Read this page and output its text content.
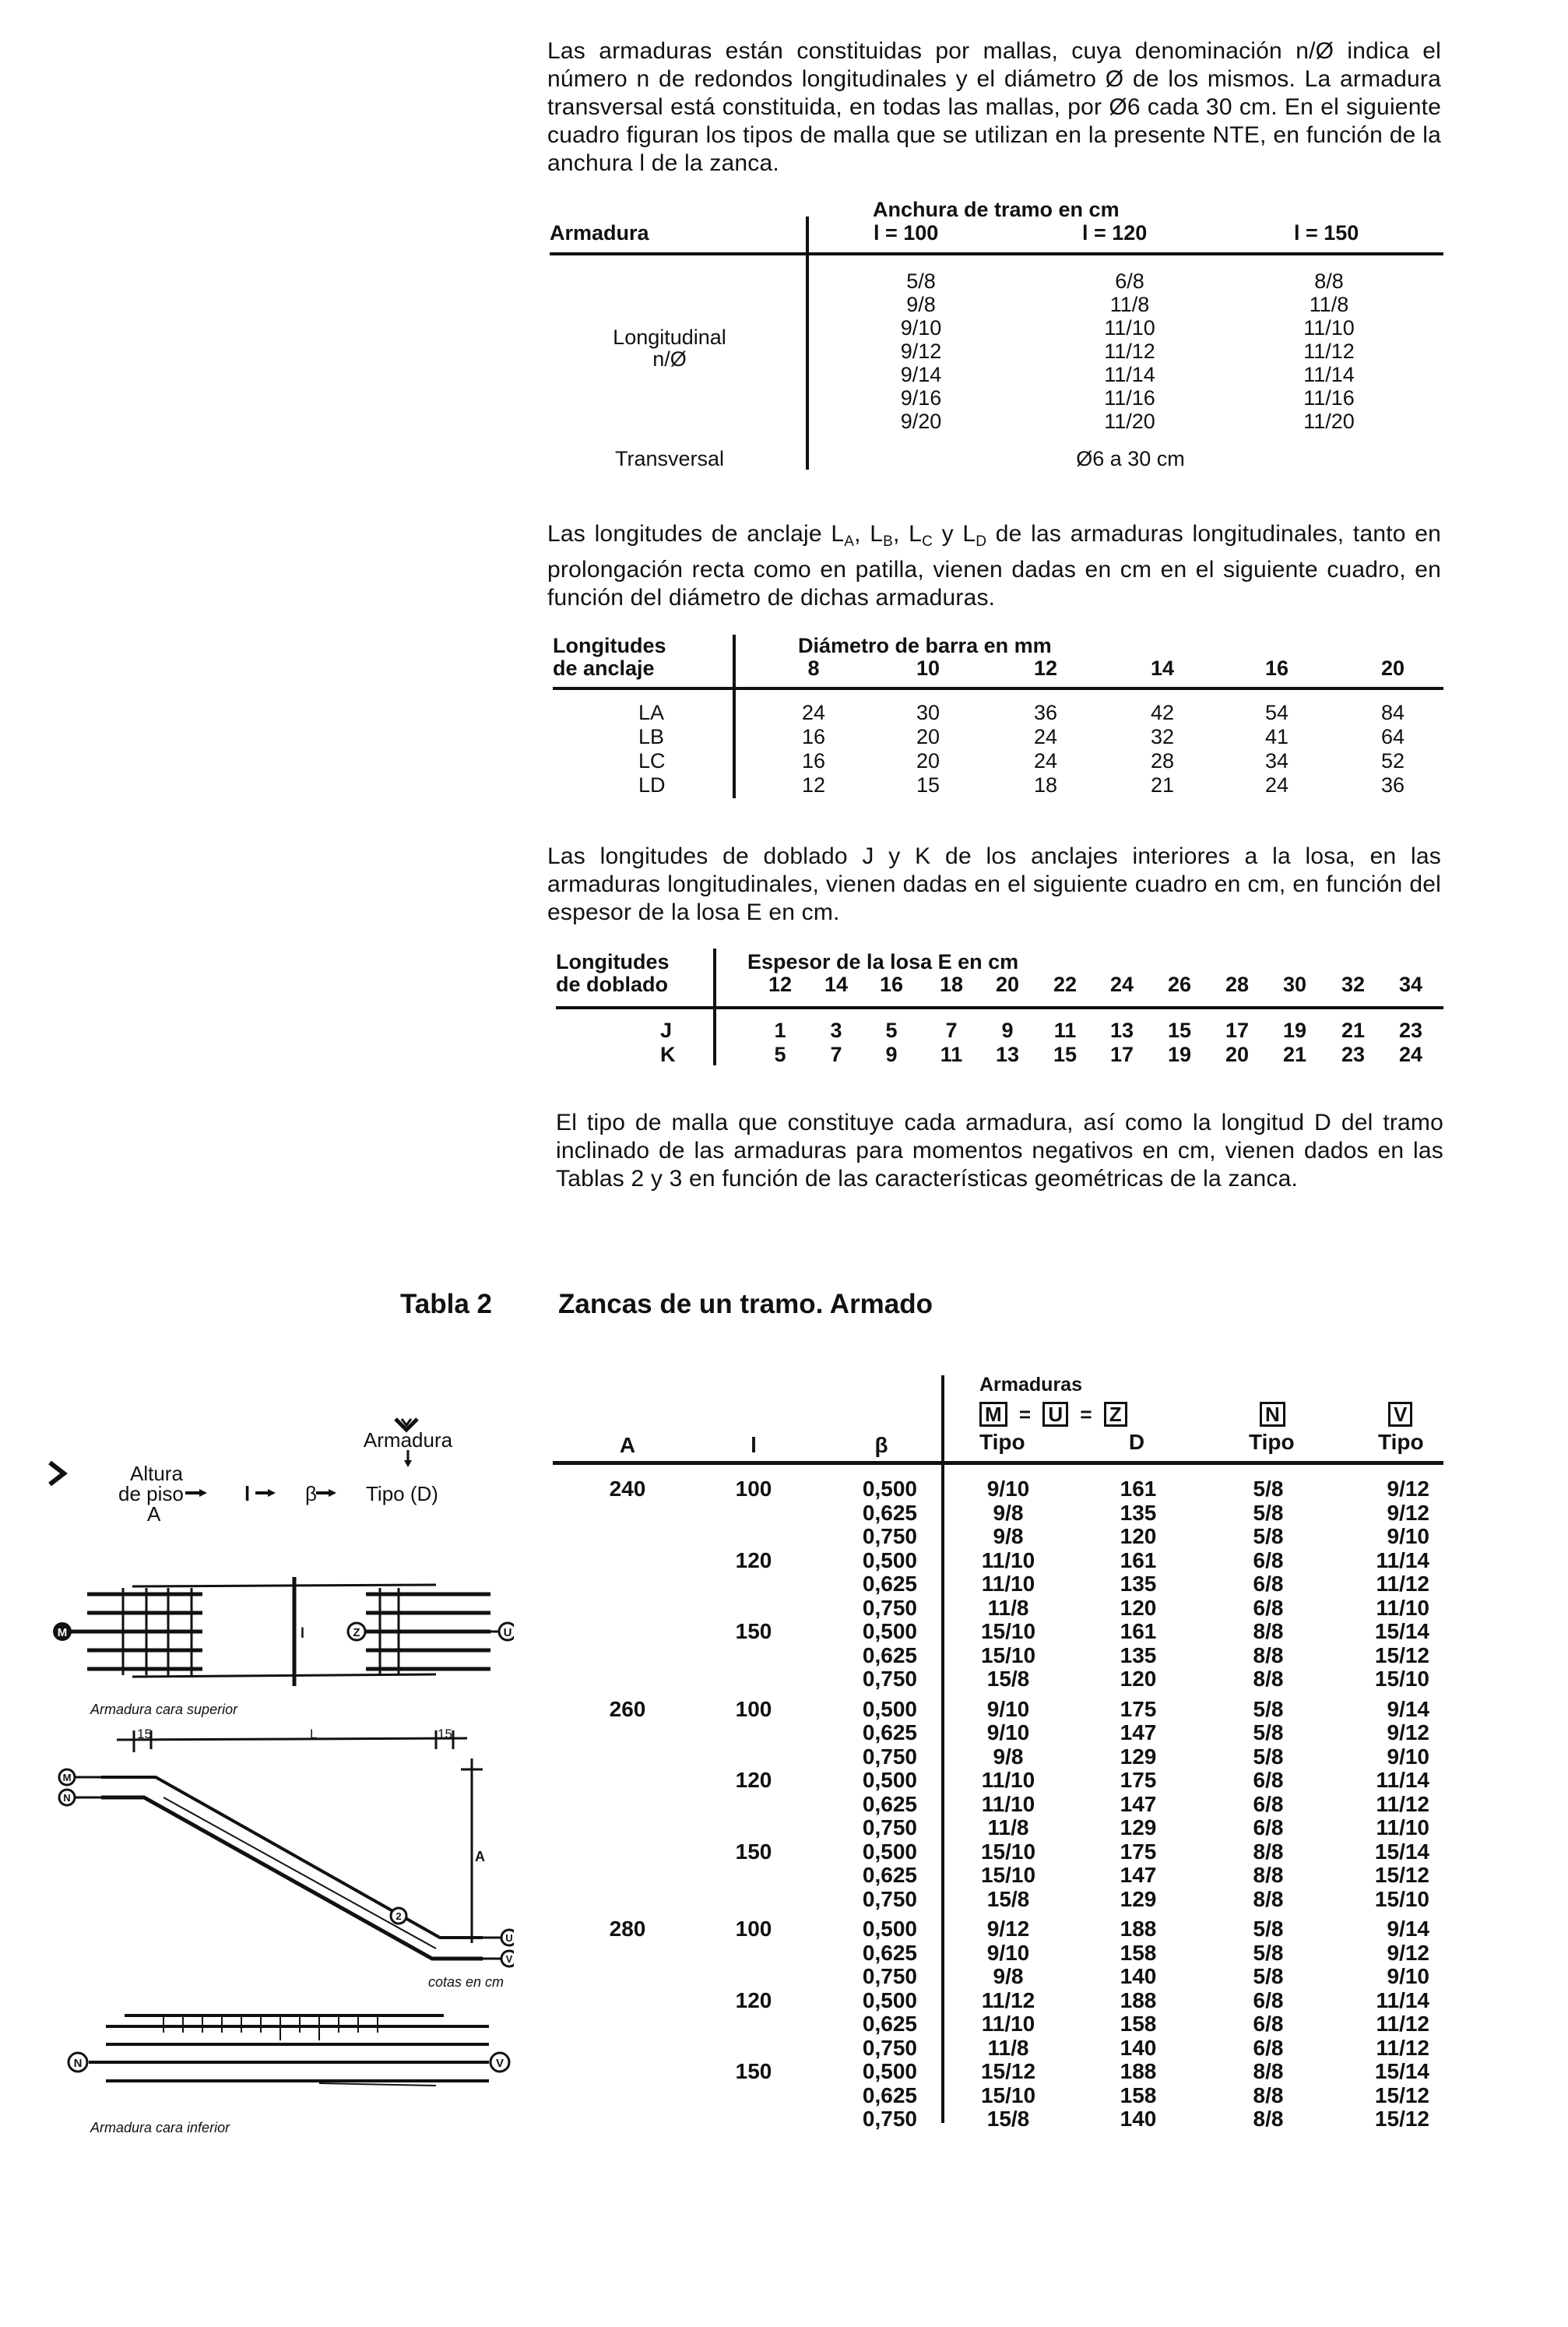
Las armaduras están constituidas por mallas, cuya denominación n/Ø indica el número n de redondos longitudinales y el diámetro Ø de los mismos. La armadura transversal está constituida, en todas las mallas, por Ø6 cada 30 cm. En el siguiente cuadro figuran los tipos de malla que se utilizan en la presente NTE, en función de la anchura l de la zanca.

Anchura de tramo en cm
Armadura	l = 100	l = 120	l = 150
Longitudinal
n/Ø
5/8	6/8	8/8
9/8	11/8	11/8
9/10	11/10	11/10
9/12	11/12	11/12
9/14	11/14	11/14
9/16	11/16	11/16
9/20	11/20	11/20
Transversal	Ø6 a 30 cm

Las longitudes de anclaje $L_A$, $L_B$, $L_C$ y $L_D$ de las armaduras longitudinales, tanto en prolongación recta como en patilla, vienen dadas en cm en el siguiente cuadro, en función del diámetro de dichas armaduras.

Longitudes
de anclaje
Diámetro de barra en mm
8	10	12	14	16	20
LA	24	30	36	42	54	84
LB	16	20	24	32	41	64
LC	16	20	24	28	34	52
LD	12	15	18	21	24	36

Las longitudes de doblado J y K de los anclajes interiores a la losa, en las armaduras longitudinales, vienen dadas en el siguiente cuadro en cm, en función del espesor de la losa E en cm.

Longitudes
de doblado
Espesor de la losa E en cm
12 14 16 18 20 22 24 26 28 30 32 34
J	1 3 5 7 9 11 13 15 17 19 21 23
K	5 7 9 11 13 15 17 19 20 21 23 24

El tipo de malla que constituye cada armadura, así como la longitud D del tramo inclinado de las armaduras para momentos negativos en cm, vienen dados en las Tablas 2 y 3 en función de las características geométricas de la zanca.

Tabla 2 Zancas de un tramo. Armado
Armaduras
M = U = Z	N	V
A	l	β	Tipo	D	Tipo	Tipo
240	100	0,500	9/10	161	5/8	9/12
0,625	9/8	135	5/8	9/12
0,750	9/8	120	5/8	9/10
120	0,500	11/10	161	6/8	11/14
0,625	11/10	135	6/8	11/12
0,750	11/8	120	6/8	11/10
150	0,500	15/10	161	8/8	15/14
0,625	15/10	135	8/8	15/12
0,750	15/8	120	8/8	15/10
260	100	0,500	9/10	175	5/8	9/14
0,625	9/10	147	5/8	9/12
0,750	9/8	129	5/8	9/10
120	0,500	11/10	175	6/8	11/14
0,625	11/10	147	6/8	11/12
0,750	11/8	129	6/8	11/10
150	0,500	15/10	175	8/8	15/14
0,625	15/10	147	8/8	15/12
0,750	15/8	129	8/8	15/10
280	100	0,500	9/12	188	5/8	9/14
0,625	9/10	158	5/8	9/12
0,750	9/8	140	5/8	9/10
120	0,500	11/12	188	6/8	11/14
0,625	11/10	158	6/8	11/12
0,750	11/8	140	6/8	11/12
150	0,500	15/12	188	8/8	15/14
0,625	15/10	158	8/8	15/12
0,750	15/8	140	8/8	15/12
Armadura
Altura
de piso
A
l	β Tipo (D)
M	Z	U
l
Armadura cara superior
15	L	15
A
M
N
2
U
V
cotas en cm
N	V
Armadura cara inferior
